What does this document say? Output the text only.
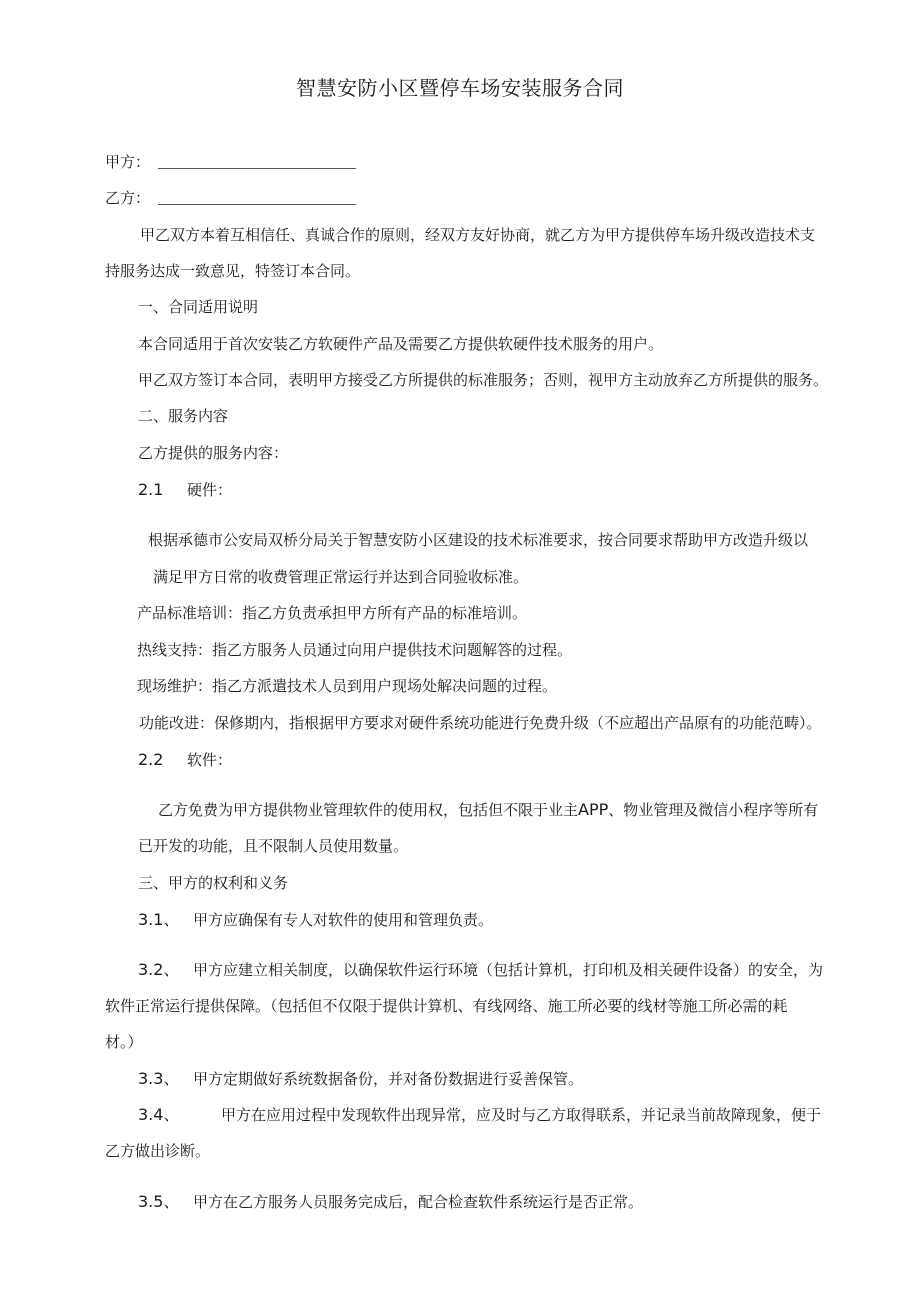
智慧安防小区暨停车场安装服务合同
甲方：
乙方：
甲乙双方本着互相信任、真诚合作的原则，经双方友好协商，就乙方为甲方提供停车场升级改造技术支
持服务达成一致意见，特签订本合同。
一、合同适用说明
本合同适用于首次安装乙方软硬件产品及需要乙方提供软硬件技术服务的用户。
甲乙双方签订本合同，表明甲方接受乙方所提供的标准服务；否则，视甲方主动放弃乙方所提供的服务。
二、服务内容
乙方提供的服务内容：
2.1 硬件：
根据承德市公安局双桥分局关于智慧安防小区建设的技术标准要求，按合同要求帮助甲方改造升级以
满足甲方日常的收费管理正常运行并达到合同验收标准。
产品标准培训：指乙方负责承担甲方所有产品的标准培训。
热线支持：指乙方服务人员通过向用户提供技术问题解答的过程。
现场维护：指乙方派遣技术人员到用户现场处解决问题的过程。
功能改进：保修期内，指根据甲方要求对硬件系统功能进行免费升级（不应超出产品原有的功能范畴）。
2.2 软件：
乙方免费为甲方提供物业管理软件的使用权，包括但不限于业主APP、物业管理及微信小程序等所有
已开发的功能，且不限制人员使用数量。
三、甲方的权利和义务
3.1、 甲方应确保有专人对软件的使用和管理负责。
3.2、 甲方应建立相关制度，以确保软件运行环境（包括计算机，打印机及相关硬件设备）的安全，为
软件正常运行提供保障。（包括但不仅限于提供计算机、有线网络、施工所必要的线材等施工所必需的耗
材。）
3.3、 甲方定期做好系统数据备份，并对备份数据进行妥善保管。
3.4、	甲方在应用过程中发现软件出现异常，应及时与乙方取得联系，并记录当前故障现象，便于
乙方做出诊断。
3.5、 甲方在乙方服务人员服务完成后，配合检查软件系统运行是否正常。
